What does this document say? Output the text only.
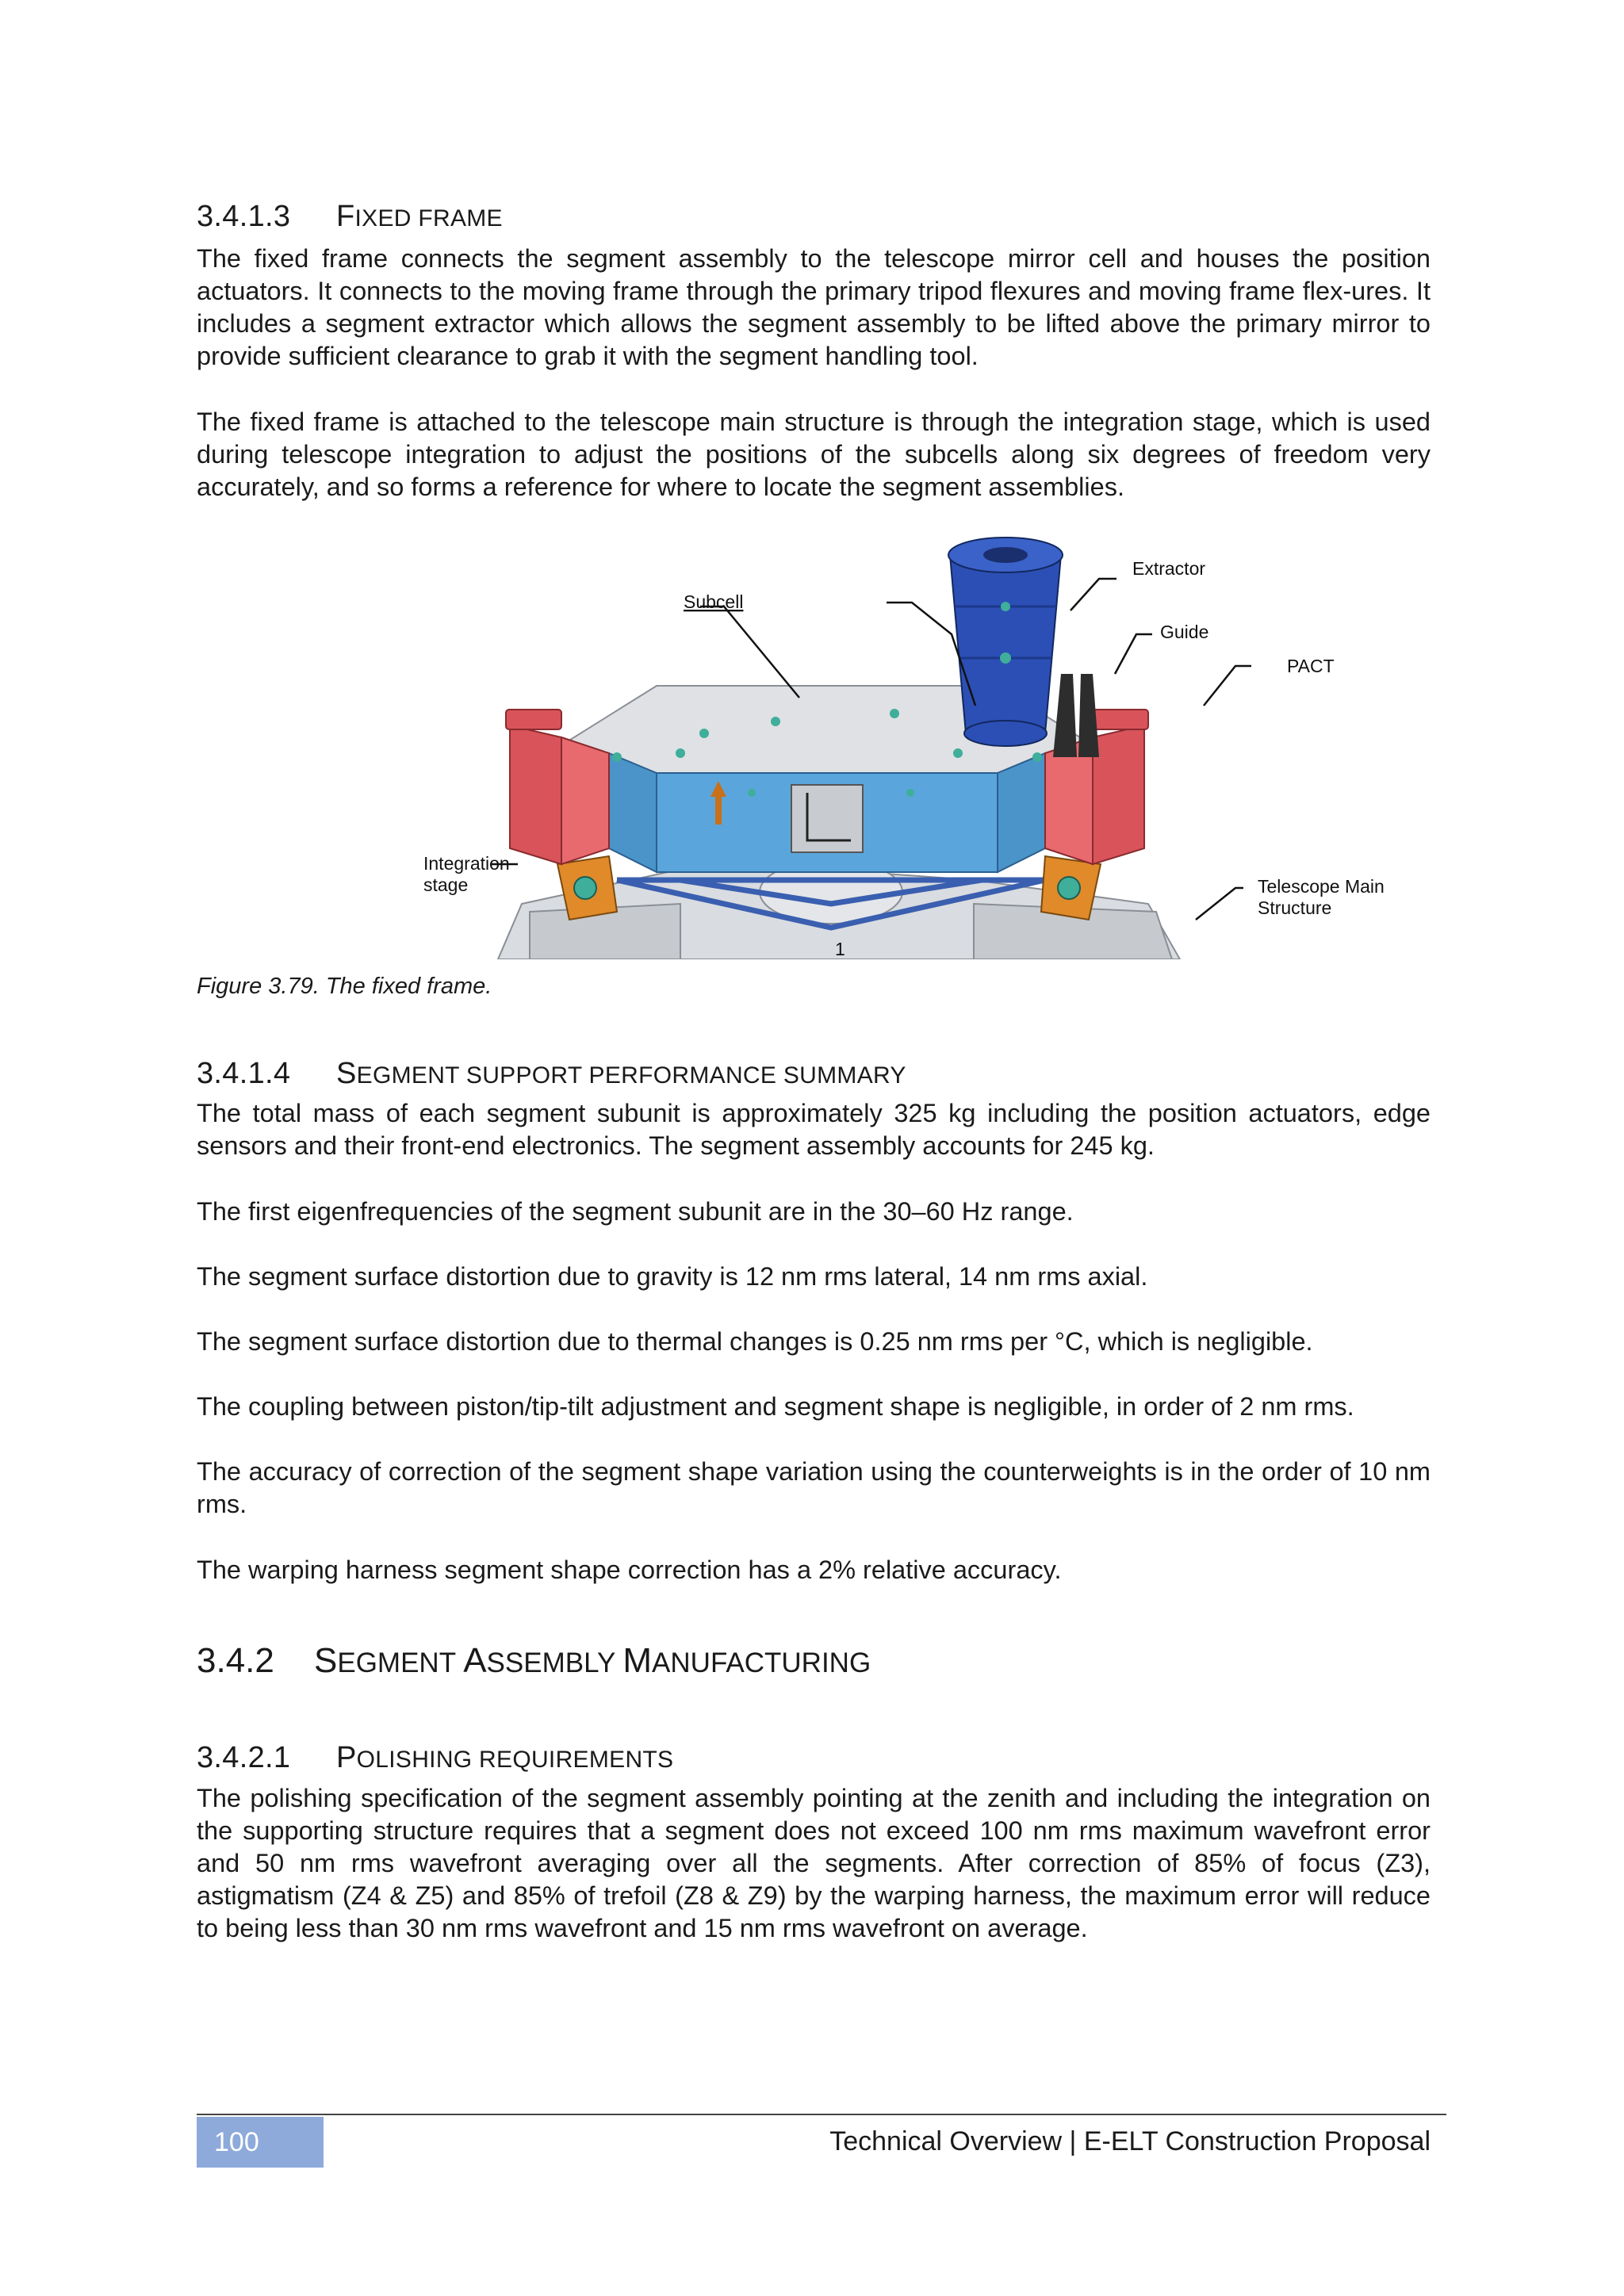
3.4.1.3 FIXED FRAME

The fixed frame connects the segment assembly to the telescope mirror cell and houses the position actuators. It connects to the moving frame through the primary tripod flexures and moving frame flex-ures. It includes a segment extractor which allows the segment assembly to be lifted above the primary mirror to provide sufficient clearance to grab it with the segment handling tool.

The fixed frame is attached to the telescope main structure is through the integration stage, which is used during telescope integration to adjust the positions of the subcells along six degrees of freedom very accurately, and so forms a reference for where to locate the segment assemblies.

Extractor
Subcell
Guide
PACT
Integration
stage	Telescope Main
Structure
1
Figure 3.79. The fixed frame.
3.4.1.4 SEGMENT SUPPORT PERFORMANCE SUMMARY

The total mass of each segment subunit is approximately 325 kg including the position actuators, edge sensors and their front-end electronics. The segment assembly accounts for 245 kg.

The first eigenfrequencies of the segment subunit are in the 30–60 Hz range.

The segment surface distortion due to gravity is 12 nm rms lateral, 14 nm rms axial.

The segment surface distortion due to thermal changes is 0.25 nm rms per °C, which is negligible.

The coupling between piston/tip-tilt adjustment and segment shape is negligible, in order of 2 nm rms.

The accuracy of correction of the segment shape variation using the counterweights is in the order of 10 nm rms.

The warping harness segment shape correction has a 2% relative accuracy.

3.4.2 SEGMENT ASSEMBLY MANUFACTURING
3.4.2.1 POLISHING REQUIREMENTS

The polishing specification of the segment assembly pointing at the zenith and including the integration on the supporting structure requires that a segment does not exceed 100 nm rms maximum wavefront error and 50 nm rms wavefront averaging over all the segments. After correction of 85% of focus (Z3), astigmatism (Z4 & Z5) and 85% of trefoil (Z8 & Z9) by the warping harness, the maximum error will reduce to being less than 30 nm rms wavefront and 15 nm rms wavefront on average.

100	Technical Overview | E-ELT Construction Proposal
